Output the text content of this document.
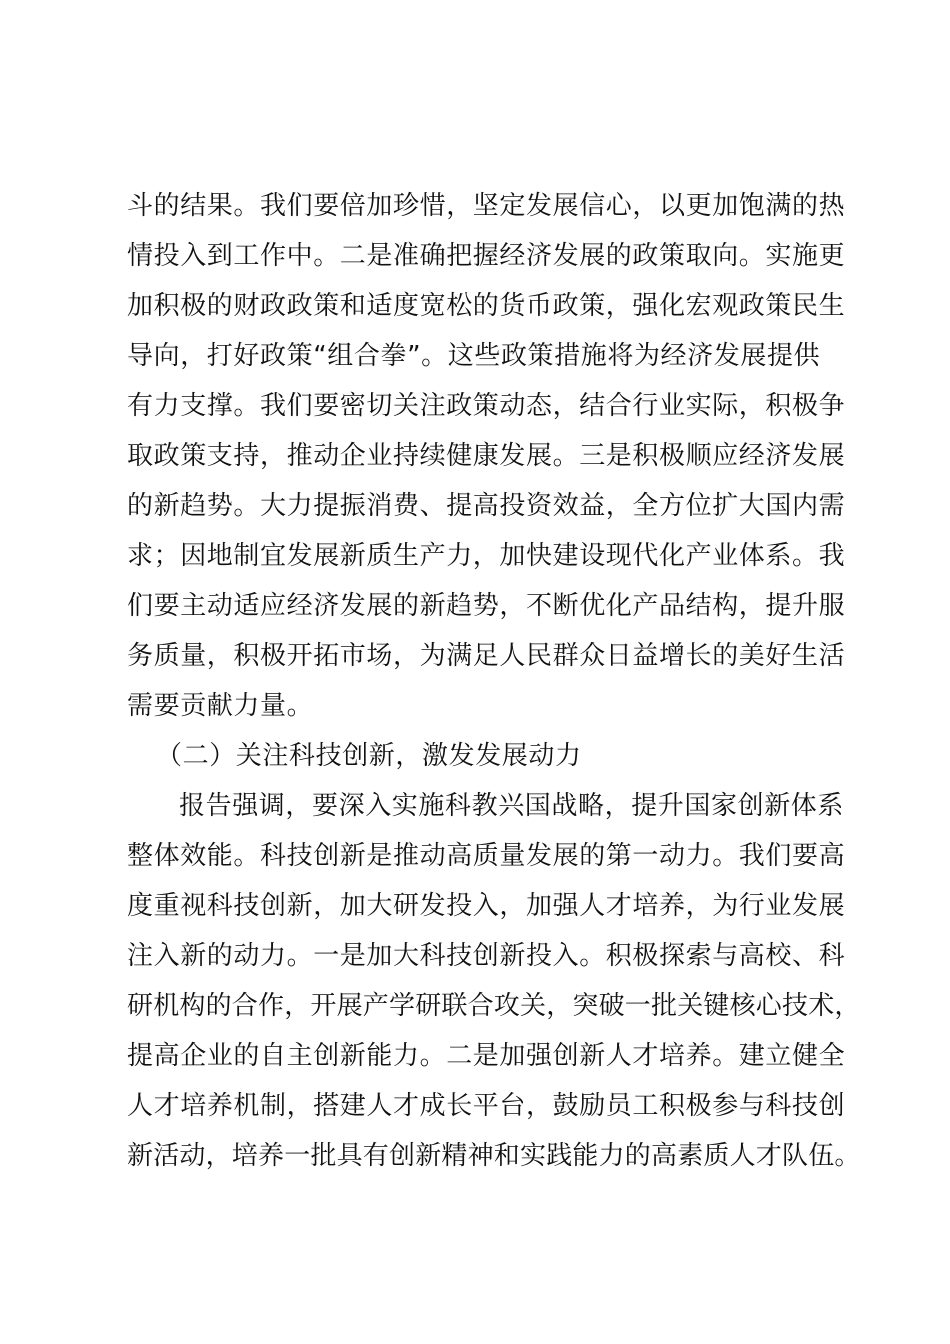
斗的结果。我们要倍加珍惜，坚定发展信心，以更加饱满的热
情投入到工作中。二是准确把握经济发展的政策取向。实施更
加积极的财政政策和适度宽松的货币政策，强化宏观政策民生
导向，打好政策“组合拳”。这些政策措施将为经济发展提供
有力支撑。我们要密切关注政策动态，结合行业实际，积极争
取政策支持，推动企业持续健康发展。三是积极顺应经济发展
的新趋势。大力提振消费、提高投资效益，全方位扩大国内需
求；因地制宜发展新质生产力，加快建设现代化产业体系。我
们要主动适应经济发展的新趋势，不断优化产品结构，提升服
务质量，积极开拓市场，为满足人民群众日益增长的美好生活
需要贡献力量。
（二）关注科技创新，激发发展动力
报告强调，要深入实施科教兴国战略，提升国家创新体系
整体效能。科技创新是推动高质量发展的第一动力。我们要高
度重视科技创新，加大研发投入，加强人才培养，为行业发展
注入新的动力。一是加大科技创新投入。积极探索与高校、科
研机构的合作，开展产学研联合攻关，突破一批关键核心技术，
提高企业的自主创新能力。二是加强创新人才培养。建立健全
人才培养机制，搭建人才成长平台，鼓励员工积极参与科技创
新活动，培养一批具有创新精神和实践能力的高素质人才队伍。
